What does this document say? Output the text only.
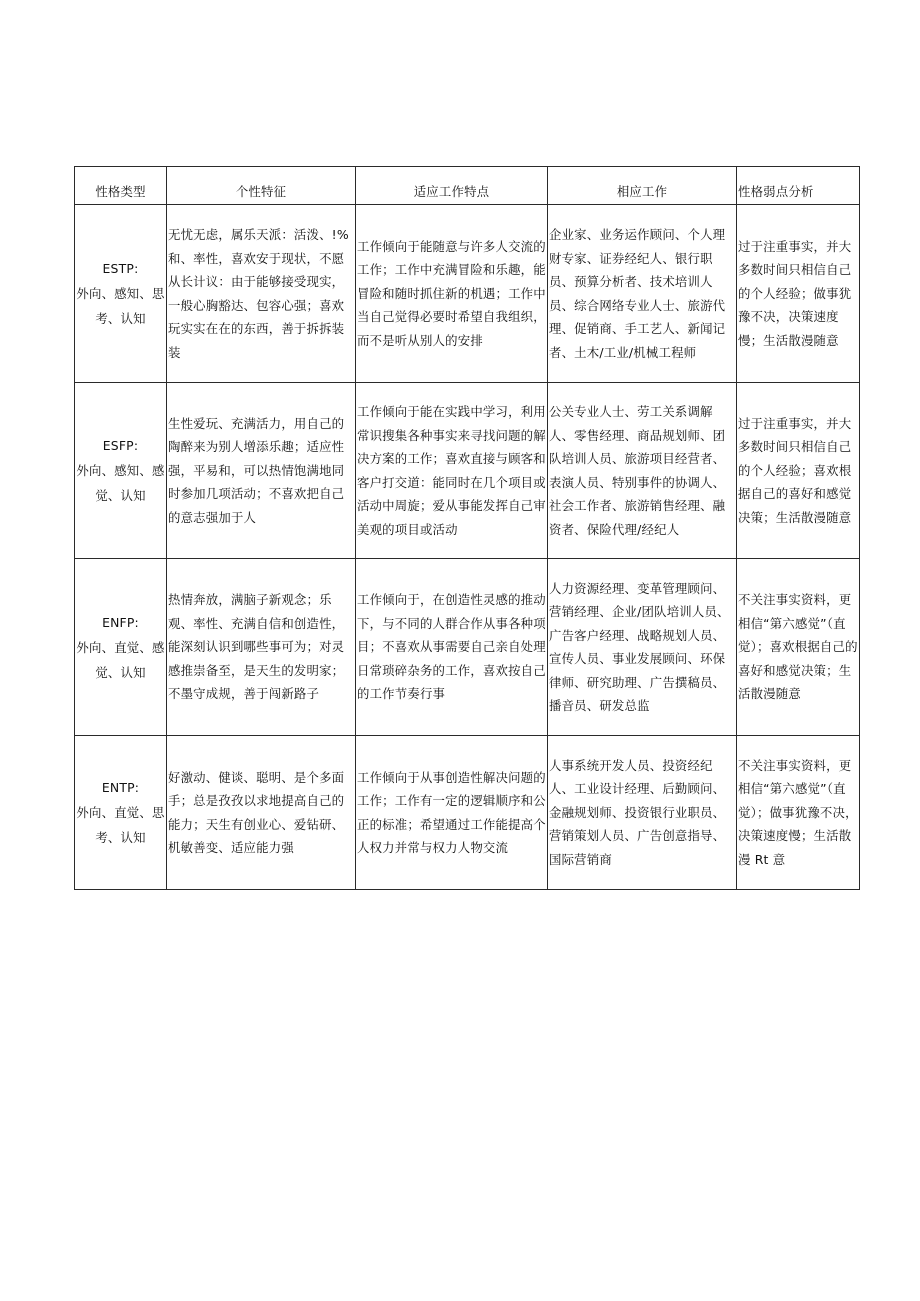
性格类型	个性特征	适应工作特点	相应工作	性格弱点分析

ESTP:
外向、感知、思考、认知	无忧无虑，属乐天派：活泼、!%和、率性，喜欢安于现状，不愿从长计议：由于能够接受现实，一般心胸豁达、包容心强；喜欢玩实实在在的东西，善于拆拆装装	工作倾向于能随意与许多人交流的工作；工作中充满冒险和乐趣，能冒险和随时抓住新的机遇；工作中当自己觉得必要时希望自我组织，而不是听从别人的安排	企业家、业务运作顾问、个人理财专家、证券经纪人、银行职员、预算分析者、技术培训人员、综合网络专业人士、旅游代理、促销商、手工艺人、新闻记者、土木/工业/机械工程师	过于注重事实，并大多数时间只相信自己的个人经验；做事犹豫不决，决策速度慢；生活散漫随意

ESFP:
外向、感知、感觉、认知	生性爱玩、充满活力，用自己的陶醉来为别人增添乐趣；适应性强，平易和，可以热情饱满地同时参加几项活动；不喜欢把自己的意志强加于人	工作倾向于能在实践中学习，利用常识搜集各种事实来寻找问题的解决方案的工作；喜欢直接与顾客和客户打交道：能同时在几个项目或活动中周旋；爱从事能发挥自己审美观的项目或活动	公关专业人士、劳工关系调解人、零售经理、商品规划师、团队培训人员、旅游项目经营者、表演人员、特别事件的协调人、社会工作者、旅游销售经理、融资者、保险代理/经纪人	过于注重事实，并大多数时间只相信自己的个人经验；喜欢根据自己的喜好和感觉决策；生活散漫随意

ENFP:
外向、直觉、感觉、认知	热情奔放，满脑子新观念；乐观、率性、充满自信和创造性，能深刻认识到哪些事可为；对灵感推崇备至，是天生的发明家；不墨守成规，善于闯新路子	工作倾向于，在创造性灵感的推动下，与不同的人群合作从事各种项目；不喜欢从事需要自己亲自处理日常琐碎杂务的工作，喜欢按自己的工作节奏行事	人力资源经理、变革管理顾问、营销经理、企业/团队培训人员、广告客户经理、战略规划人员、宣传人员、事业发展顾问、环保律师、研究助理、广告撰稿员、播音员、研发总监	不关注事实资料，更相信“第六感觉”（直觉）；喜欢根据自己的喜好和感觉决策；生活散漫随意

ENTP:
外向、直觉、思考、认知	好激动、健谈、聪明、是个多面手；总是孜孜以求地提高自己的能力；天生有创业心、爱钻研、机敏善变、适应能力强	工作倾向于从事创造性解决问题的工作；工作有一定的逻辑顺序和公正的标准；希望通过工作能提高个人权力并常与权力人物交流	人事系统开发人员、投资经纪人、工业设计经理、后勤顾问、金融规划师、投资银行业职员、营销策划人员、广告创意指导、国际营销商	不关注事实资料，更相信“第六感觉”（直觉）；做事犹豫不决，决策速度慢；生活散漫 Rt 意
